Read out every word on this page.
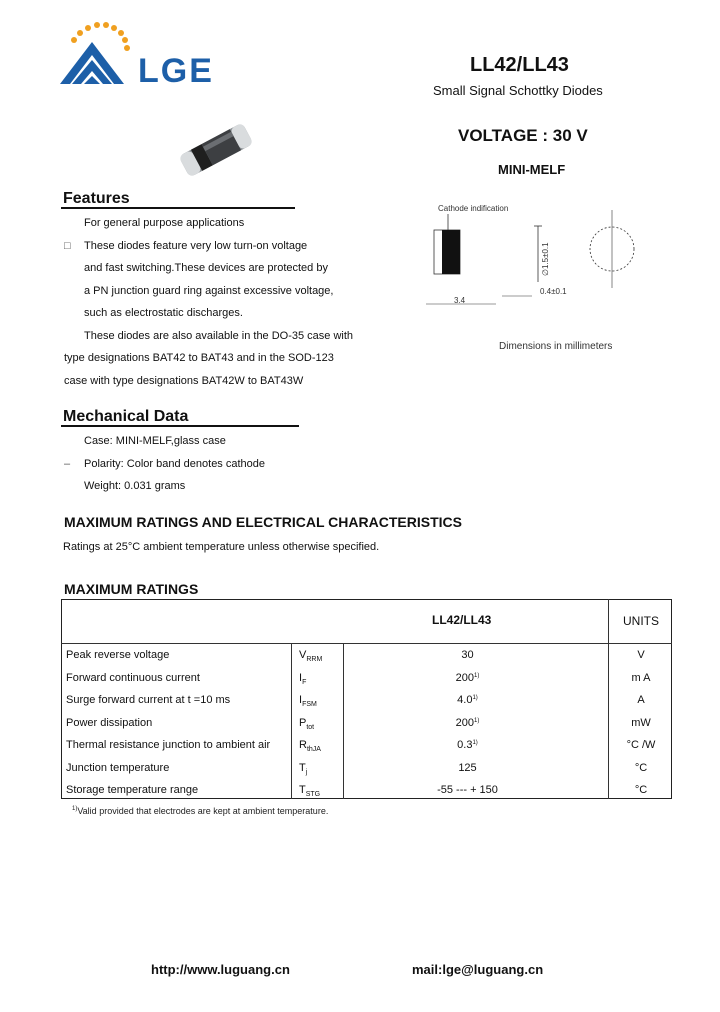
LGE	LL42/LL43
Small Signal Schottky Diodes
VOLTAGE : 30 V
MINI-MELF
Features
For general purpose applications
□ These diodes feature very low turn-on voltage
and fast switching.These devices are protected by
a PN junction guard ring against excessive voltage,
such as electrostatic discharges.
These diodes are also available in the DO-35 case with
type designations BAT42 to BAT43 and in the SOD-123
case with type designations BAT42W to BAT43W
Cathode indification
∅1.5±0.1
3.4
0.4±0.1
Dimensions in millimeters
Mechanical Data
Case: MINI-MELF,glass case
– Polarity: Color band denotes cathode
Weight: 0.031 grams
MAXIMUM RATINGS AND ELECTRICAL CHARACTERISTICS
Ratings at 25°C ambient temperature unless otherwise specified.
MAXIMUM RATINGS
LL42/LL43	UNITS
Peak reverse voltage	$V_{RRM}$	30	V
Forward continuous current	$I_F$	200$^{1)}$	m A
Surge forward current at t =10 ms	$I_{FSM}$	4.0$^{1)}$	A
Power dissipation	$P_{tot}$	200$^{1)}$	mW
Thermal resistance junction to ambient air	$R_{thJA}$	0.3$^{1)}$	°C /W
Junction temperature	$T_j$	125	°C
Storage temperature range	$T_{STG}$	-55 --- + 150	°C
$^{1)}$Valid provided that electrodes are kept at ambient temperature.
http://www.luguang.cn	mail:lge@luguang.cn
